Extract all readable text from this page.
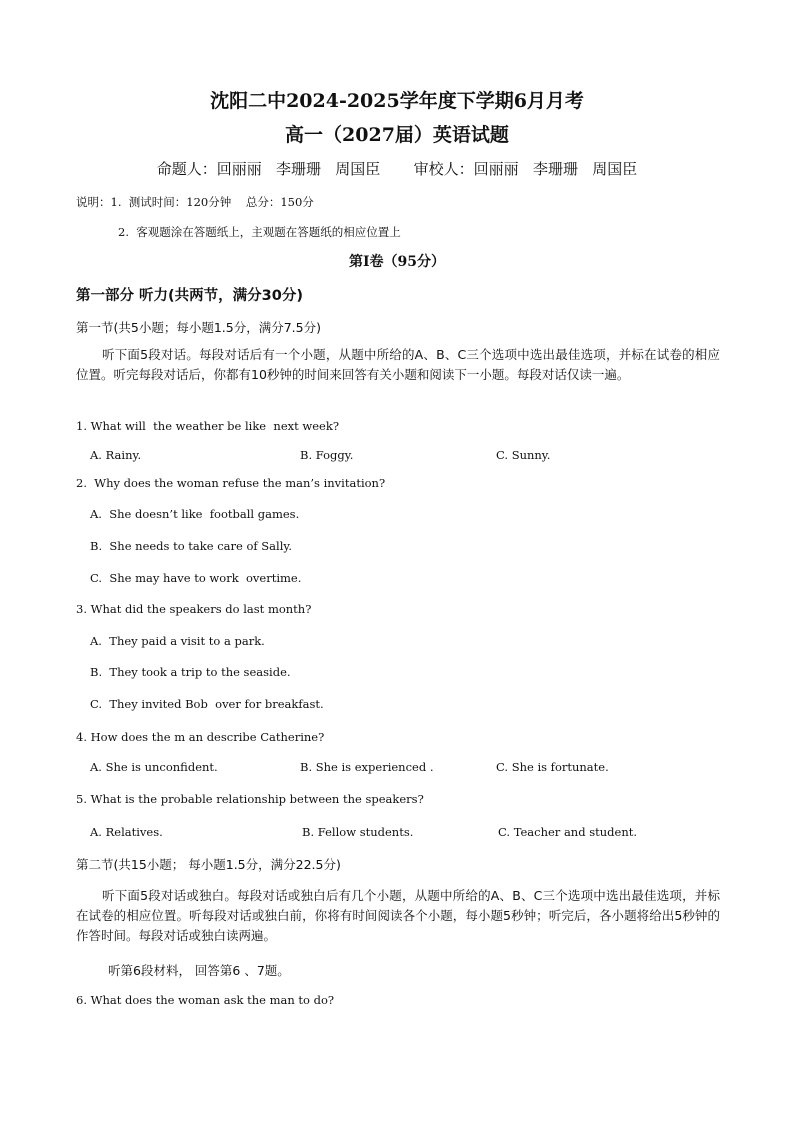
沈阳二中2024-2025学年度下学期6月月考
高一（2027届）英语试题
命题人：回丽丽   李珊珊   周国臣       审校人：回丽丽   李珊珊   周国臣
说明：1.  测试时间：120分钟    总分：150分
2.  客观题涂在答题纸上，主观题在答题纸的相应位置上
第Ⅰ卷（95分）
第一部分 听力(共两节，满分30分)
第一节(共5小题；每小题1.5分，满分7.5分)
听下面5段对话。每段对话后有一个小题，从题中所给的A、B、C三个选项中选出最佳选项，并标在试卷的相应位置。听完每段对话后，你都有10秒钟的时间来回答有关小题和阅读下一小题。每段对话仅读一遍。
1. What will  the weather be like  next week?
A. Rainy.	B. Foggy.	C. Sunny.
2.  Why does the woman refuse the man’s invitation?
A.  She doesn’t like  football games.
B.  She needs to take care of Sally.
C.  She may have to work  overtime.
3. What did the speakers do last month?
A.  They paid a visit to a park.
B.  They took a trip to the seaside.
C.  They invited Bob  over for breakfast.
4. How does the m an describe Catherine?
A. She is unconfident.	B. She is experienced .	C. She is fortunate.
5. What is the probable relationship between the speakers?
A. Relatives.	B. Fellow students.	C. Teacher and student.
第二节(共15小题； 每小题1.5分，满分22.5分)
听下面5段对话或独白。每段对话或独白后有几个小题，从题中所给的A、B、C三个选项中选出最佳选项，并标在试卷的相应位置。听每段对话或独白前，你将有时间阅读各个小题，每小题5秒钟；听完后，各小题将给出5秒钟的作答时间。每段对话或独白读两遍。
听第6段材料， 回答第6 、7题。
6. What does the woman ask the man to do?
